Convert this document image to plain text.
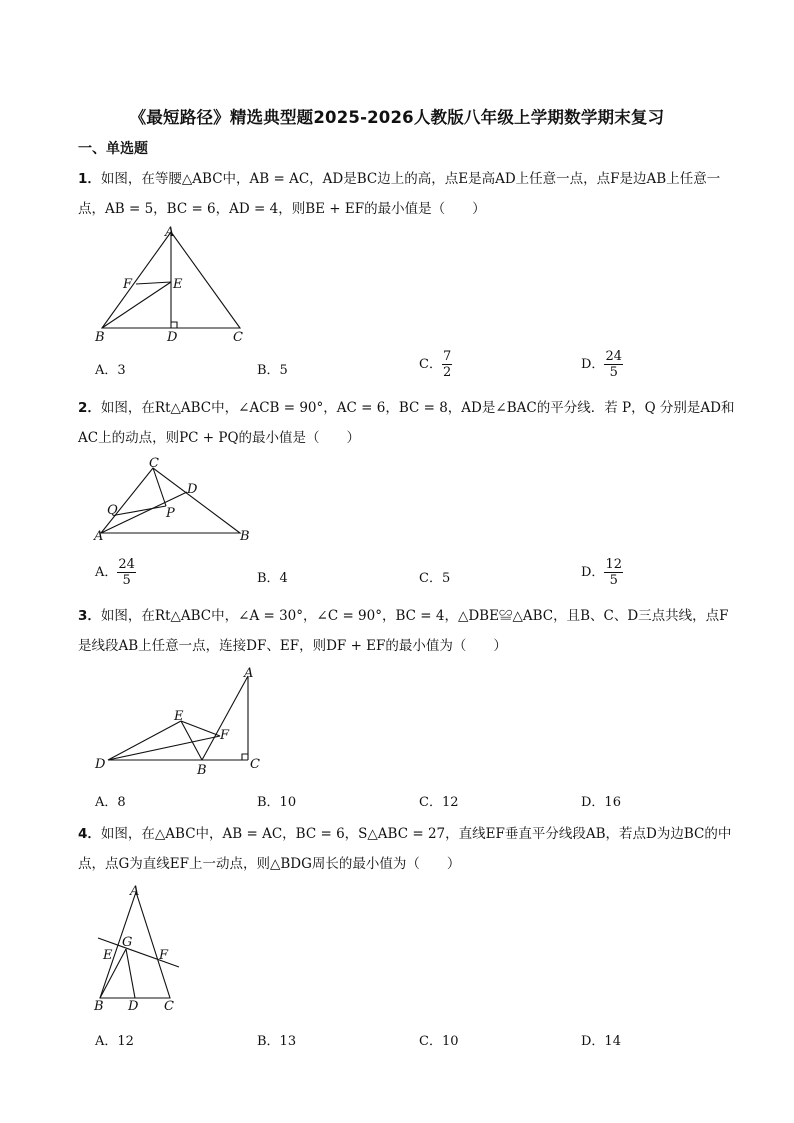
《最短路径》精选典型题2025-2026人教版八年级上学期数学期末复习
一、单选题
1．如图，在等腰△ABC中，AB = AC，AD是BC边上的高，点E是高AD上任意一点，点F是边AB上任意一
点，AB = 5，BC = 6，AD = 4，则BE + EF的最小值是（　　）
A
F	E
B	D	C
A．3	B．5	C． $\frac{7}{2}$	D． $\frac{24}{5}$
2．如图，在Rt△ABC中，∠ACB = 90°，AC = 6，BC = 8，AD是∠BAC的平分线．若 P，Q 分别是AD和
AC上的动点，则PC + PQ的最小值是（　　）
C
D
Q	P
A	B
A． $\frac{24}{5}$	B．4	C．5	D． $\frac{12}{5}$
3．如图，在Rt△ABC中，∠A = 30°，∠C = 90°，BC = 4，△DBE≌△ABC，且B、C、D三点共线，点F
是线段AB上任意一点，连接DF、EF，则DF + EF的最小值为（　　）
A
E
F
D	B	C
A．8	B．10	C．12	D．16
4．如图，在△ABC中，AB = AC，BC = 6，S△ABC = 27，直线EF垂直平分线段AB，若点D为边BC的中
点，点G为直线EF上一动点，则△BDG周长的最小值为（　　）
A
G
E	F
B D C
A．12	B．13	C．10	D．14
